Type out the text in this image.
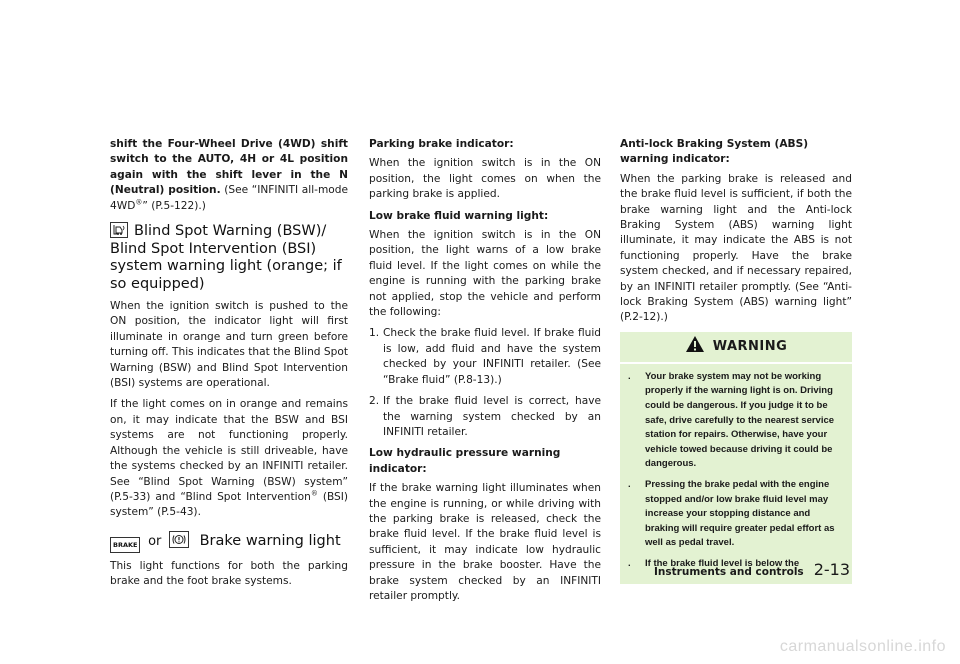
shift the Four-Wheel Drive (4WD) shift switch to the AUTO, 4H or 4L position again with the shift lever in the N (Neutral) position. (See “INFINITI all-mode 4WD®” (P.5-122).)

Blind Spot Warning (BSW)/ Blind Spot Intervention (BSI) system warning light (orange; if so equipped)

When the ignition switch is pushed to the ON position, the indicator light will first illuminate in orange and turn green before turning off. This indicates that the Blind Spot Warning (BSW) and Blind Spot Intervention (BSI) systems are operational.

If the light comes on in orange and remains on, it may indicate that the BSW and BSI systems are not functioning properly. Although the vehicle is still driveable, have the systems checked by an INFINITI retailer. See “Blind Spot Warning (BSW) system” (P.5-33) and “Blind Spot Intervention® (BSI) system” (P.5-43).

BRAKE or	Brake warning light

This light functions for both the parking brake and the foot brake systems.

Parking brake indicator:

When the ignition switch is in the ON position, the light comes on when the parking brake is applied.

Low brake fluid warning light:

When the ignition switch is in the ON position, the light warns of a low brake fluid level. If the light comes on while the engine is running with the parking brake not applied, stop the vehicle and perform the following:

1. Check the brake fluid level. If brake fluid is low, add fluid and have the system checked by your INFINITI retailer. (See “Brake fluid” (P.8-13).)
2. If the brake fluid level is correct, have the warning system checked by an INFINITI retailer.
Low hydraulic pressure warning indicator:

If the brake warning light illuminates when the engine is running, or while driving with the parking brake is released, check the brake fluid level. If the brake fluid level is sufficient, it may indicate low hydraulic pressure in the brake booster. Have the brake system checked by an INFINITI retailer promptly.

Anti-lock Braking System (ABS) warning indicator:

When the parking brake is released and the brake fluid level is sufficient, if both the brake warning light and the Anti-lock Braking System (ABS) warning light illuminate, it may indicate the ABS is not functioning properly. Have the brake system checked, and if necessary repaired, by an INFINITI retailer promptly. (See “Anti-lock Braking System (ABS) warning light” (P.2-12).)

WARNING
. Your brake system may not be working properly if the warning light is on. Driving could be dangerous. If you judge it to be safe, drive carefully to the nearest service station for repairs. Otherwise, have your vehicle towed because driving it could be dangerous.
. Pressing the brake pedal with the engine stopped and/or low brake fluid level may increase your stopping distance and braking will require greater pedal effort as well as pedal travel.
. If the brake fluid level is below the
Instruments and controls 2-13
carmanualsonline.info
